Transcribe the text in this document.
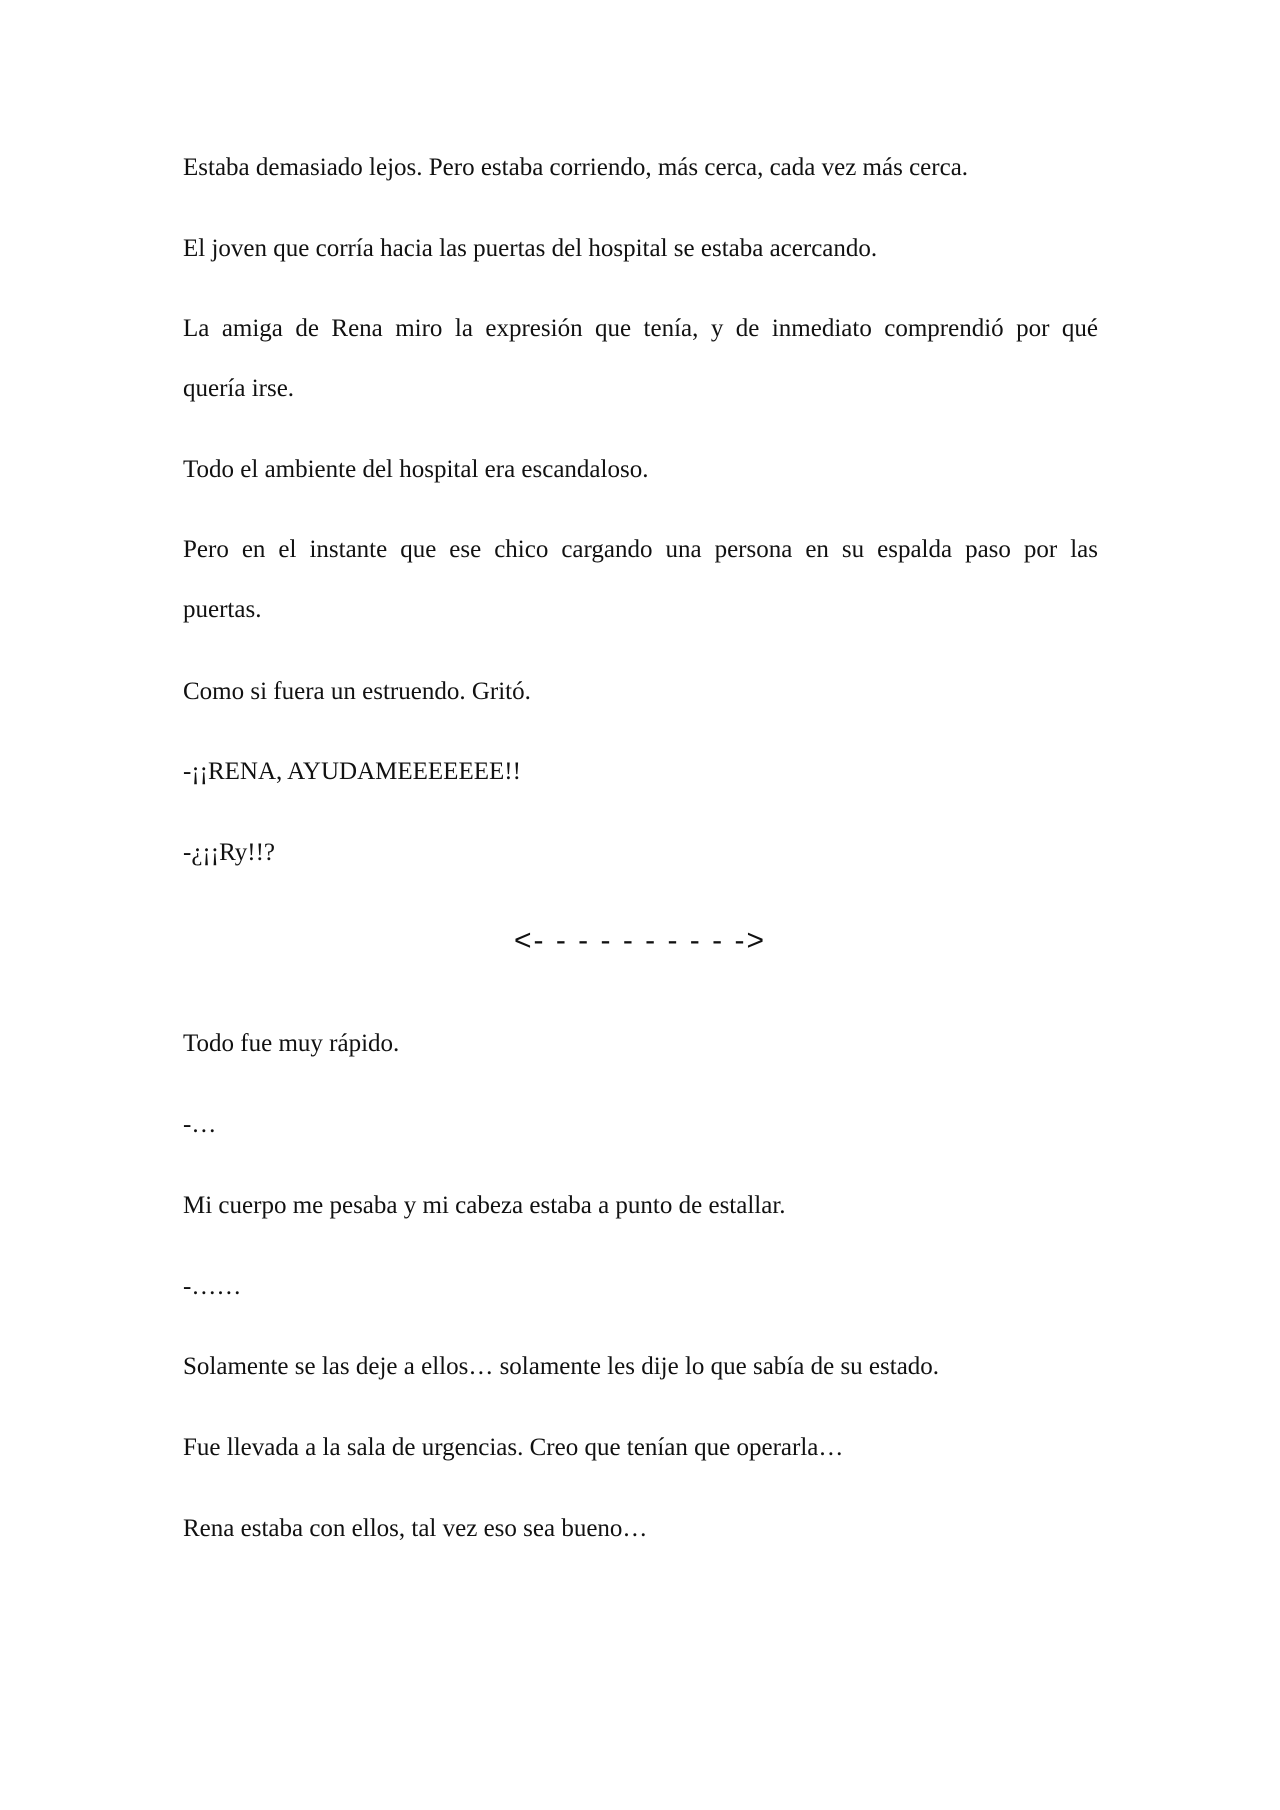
Estaba demasiado lejos. Pero estaba corriendo, más cerca, cada vez más cerca.
El joven que corría hacia las puertas del hospital se estaba acercando.
La amiga de Rena miro la expresión que tenía, y de inmediato comprendió por qué
quería irse.
Todo el ambiente del hospital era escandaloso.
Pero en el instante que ese chico cargando una persona en su espalda paso por las
puertas.
Como si fuera un estruendo. Gritó.
-¡¡RENA, AYUDAMEEEEEEE!!
-¿¡¡Ry!!?
<- - - - - - - - - ->
Todo fue muy rápido.
-…
Mi cuerpo me pesaba y mi cabeza estaba a punto de estallar.
-……
Solamente se las deje a ellos… solamente les dije lo que sabía de su estado.
Fue llevada a la sala de urgencias. Creo que tenían que operarla…
Rena estaba con ellos, tal vez eso sea bueno…
